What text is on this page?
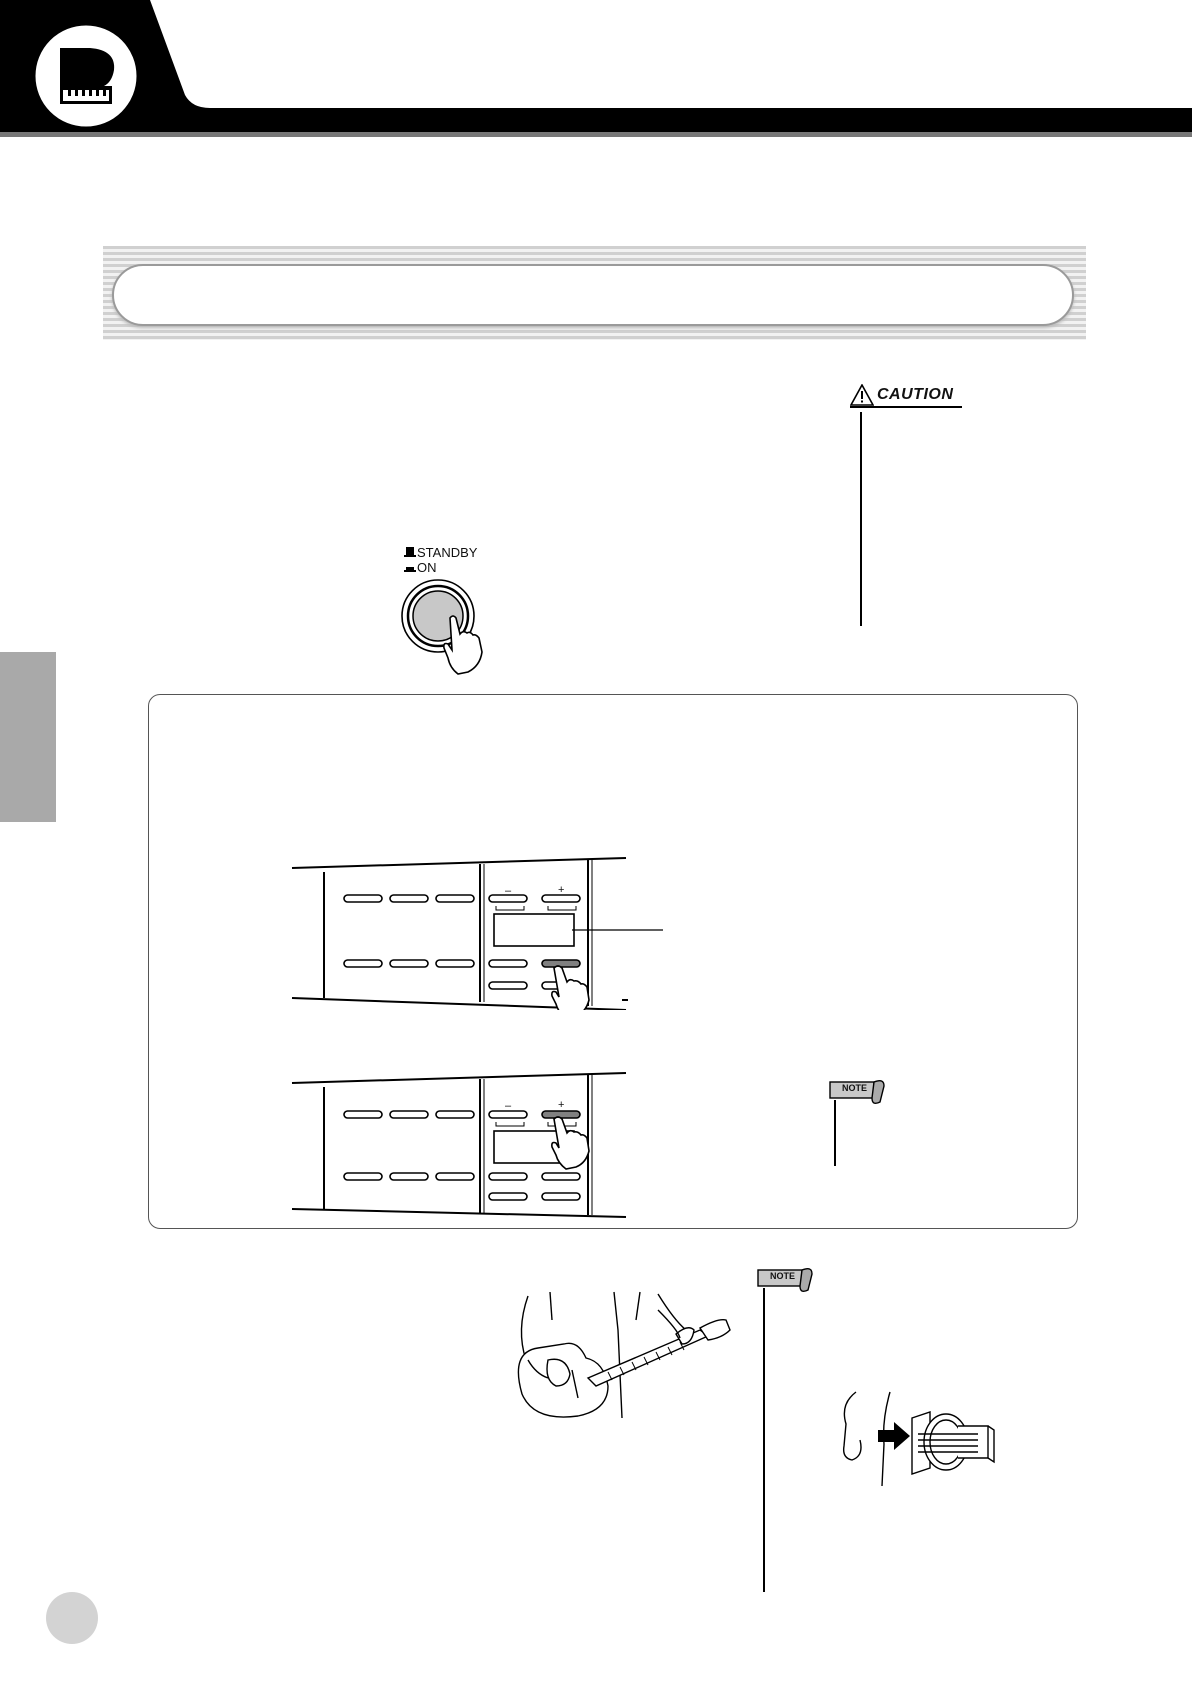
CAUTION
STANDBY
ON
–	+
–	+
NOTE
NOTE
